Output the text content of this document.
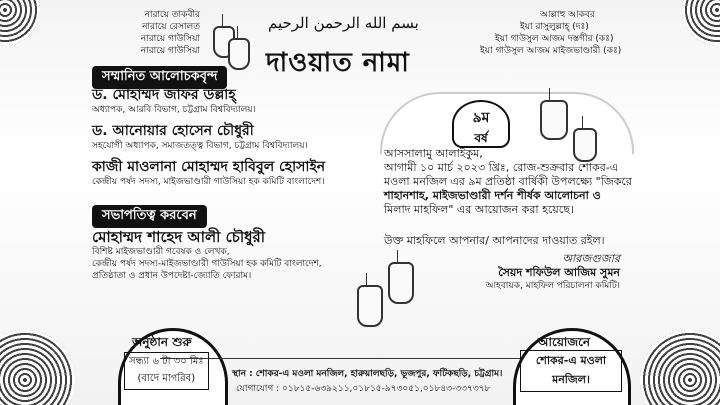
নারায়ে তাকবীর
নারায়ে রেসালত
নারায়ে গাউসিয়া
নারায়ে গাউসিয়া
আল্লাহু আকবর
ইয়া রাসুলুল্লাহ্ (দঃ)
ইয়া গাউসুল আজম দস্তগীর (কঃ)
ইয়া গাউসুল আজম মাইজভাণ্ডারী (কঃ)
بسم الله الرحمن الرحيم
দাওয়াত নামা
৯ম
বর্ষ
সম্মানিত আলোচকবৃন্দ
ড. মোহাম্মদ জাফর উল্লাহ্
অধ্যাপক, আরবি বিভাগ, চট্টগ্রাম বিশ্ববিদ্যালয়।
ড. আনোয়ার হোসেন চৌধুরী
সহযোগী অধ্যাপক, সমাজতত্ত্ব বিভাগ, চট্টগ্রাম বিশ্ববিদ্যালয়।
কাজী মাওলানা মোহাম্মদ হাবিবুল হোসাইন
কেন্দ্রীয় পর্ষদ সদস্য, মাইজভাণ্ডারী গাউসিয়া হক কমিটি বাংলাদেশ।
সভাপতিত্ব করবেন
মোহাম্মদ শাহেদ আলী চৌধুরী
বিশিষ্ট মাইজভাণ্ডারী গবেষক ও লেখক,
কেন্দ্রীয় পর্ষদ সদস্য-মাইজভাণ্ডারী গাউসিয়া হক কমিটি বাংলাদেশ,
প্রতিষ্ঠাতা ও প্রধান উপদেষ্টা-জ্যোতি ফোরাম।
আসসালামু আলাইকুম,
আগামী ১০ মার্চ ২০২৩ খ্রিঃ, রোজ-শুক্রবার শোকর-এ
মওলা মনজিল এর ৯ম প্রতিষ্ঠা বার্ষিকী উপলক্ষ্যে "জিকরে
শাহানশাহ, মাইজভাণ্ডারী দর্শন শীর্ষক আলোচনা ও
মিলাদ মাহফিল" এর আয়োজন করা হয়েছে।
উক্ত মাহফিলে আপনার/ আপনাদের দাওয়াত রইল।
আরজগুজার
সৈয়দ শফিউল আজিম সুমন
আহবায়ক, মাহফিল পরিচালনা কমিটি।
অনুষ্ঠান শুরু
সন্ধ্যা ৬ টা ৩০ মিঃ
(বাদে মাগরিব)	স্থান : শোকর-এ মওলা মনজিল, হারুয়ালছড়ি, ভূজপুর, ফটিকছড়ি, চট্টগ্রাম।
যোগাযোগ : ০১৮১৫-৬৩৯২১১,০১৮১৫-৯৭৩০৫১,০১৮৪৩-৩৩৭৩৭৮
আয়োজনে
শোকর-এ মওলা
মনজিল।
